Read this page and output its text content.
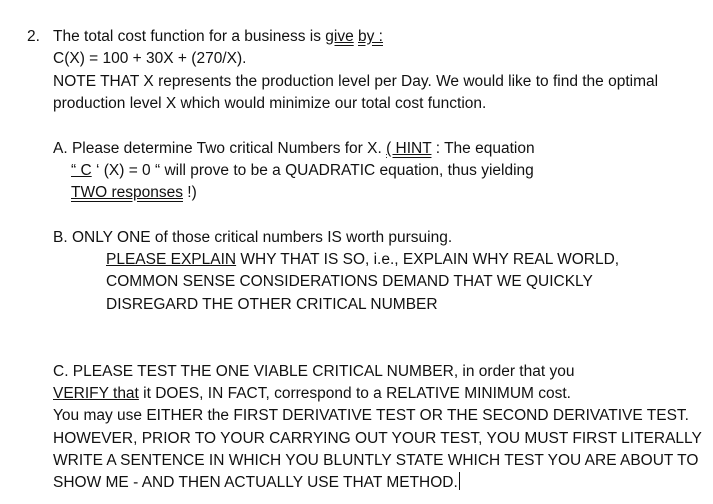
2. The total cost function for a business is give by :
C(X) = 100 + 30X + (270/X).
NOTE THAT X represents the production level per Day. We would like to find the optimal
production level X which would minimize our total cost function.
A. Please determine Two critical Numbers for X. ( HINT : The equation
“ C ‘ (X) = 0 “ will prove to be a QUADRATIC equation, thus yielding
TWO responses !)
B. ONLY ONE of those critical numbers IS worth pursuing.
PLEASE EXPLAIN WHY THAT IS SO, i.e., EXPLAIN WHY REAL WORLD,
COMMON SENSE CONSIDERATIONS DEMAND THAT WE QUICKLY
DISREGARD THE OTHER CRITICAL NUMBER
C. PLEASE TEST THE ONE VIABLE CRITICAL NUMBER, in order that you
VERIFY that it DOES, IN FACT, correspond to a RELATIVE MINIMUM cost.
You may use EITHER the FIRST DERIVATIVE TEST OR THE SECOND DERIVATIVE TEST.
HOWEVER, PRIOR TO YOUR CARRYING OUT YOUR TEST, YOU MUST FIRST LITERALLY
WRITE A SENTENCE IN WHICH YOU BLUNTLY STATE WHICH TEST YOU ARE ABOUT TO
SHOW ME - AND THEN ACTUALLY USE THAT METHOD.
